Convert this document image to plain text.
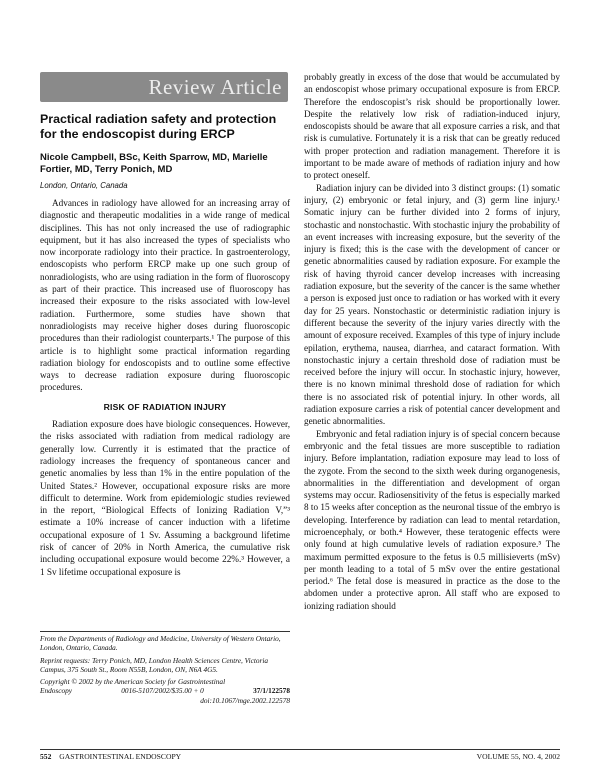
Review Article
Practical radiation safety and protection for the endoscopist during ERCP
Nicole Campbell, BSc, Keith Sparrow, MD, Marielle Fortier, MD, Terry Ponich, MD
London, Ontario, Canada

Advances in radiology have allowed for an increasing array of diagnostic and therapeutic modalities in a wide range of medical disciplines. This has not only increased the use of radiographic equipment, but it has also increased the types of specialists who now incorporate radiology into their practice. In gastroenterology, endoscopists who perform ERCP make up one such group of nonradiologists, who are using radiation in the form of fluoroscopy as part of their practice. This increased use of fluoroscopy has increased their exposure to the risks associated with low-level radiation. Furthermore, some studies have shown that nonradiologists may receive higher doses during fluoroscopic procedures than their radiologist counterparts.¹ The purpose of this article is to highlight some practical information regarding radiation biology for endoscopists and to outline some effective ways to decrease radiation exposure during fluoroscopic procedures.

RISK OF RADIATION INJURY

Radiation exposure does have biologic consequences. However, the risks associated with radiation from medical radiology are generally low. Currently it is estimated that the practice of radiology increases the frequency of spontaneous cancer and genetic anomalies by less than 1% in the entire population of the United States.² However, occupational exposure risks are more difficult to determine. Work from epidemiologic studies reviewed in the report, “Biological Effects of Ionizing Radiation V,”³ estimate a 10% increase of cancer induction with a lifetime occupational exposure of 1 Sv. Assuming a background lifetime risk of cancer of 20% in North America, the cumulative risk including occupational exposure would become 22%.³ However, a 1 Sv lifetime occupational exposure is

probably greatly in excess of the dose that would be accumulated by an endoscopist whose primary occupational exposure is from ERCP. Therefore the endoscopist’s risk should be proportionally lower. Despite the relatively low risk of radiation-induced injury, endoscopists should be aware that all exposure carries a risk, and that risk is cumulative. Fortunately it is a risk that can be greatly reduced with proper protection and radiation management. Therefore it is important to be made aware of methods of radiation injury and how to protect oneself.

Radiation injury can be divided into 3 distinct groups: (1) somatic injury, (2) embryonic or fetal injury, and (3) germ line injury.¹ Somatic injury can be further divided into 2 forms of injury, stochastic and nonstochastic. With stochastic injury the probability of an event increases with increasing exposure, but the severity of the injury is fixed; this is the case with the development of cancer or genetic abnormalities caused by radiation exposure. For example the risk of having thyroid cancer develop increases with increasing radiation exposure, but the severity of the cancer is the same whether a person is exposed just once to radiation or has worked with it every day for 25 years. Nonstochastic or deterministic radiation injury is different because the severity of the injury varies directly with the amount of exposure received. Examples of this type of injury include epilation, erythema, nausea, diarrhea, and cataract formation. With nonstochastic injury a certain threshold dose of radiation must be received before the injury will occur. In stochastic injury, however, there is no known minimal threshold dose of radiation for which there is no associated risk of potential injury. In other words, all radiation exposure carries a risk of potential cancer development and genetic abnormalities.

Embryonic and fetal radiation injury is of special concern because embryonic and the fetal tissues are more susceptible to radiation injury. Before implantation, radiation exposure may lead to loss of the zygote. From the second to the sixth week during organogenesis, abnormalities in the differentiation and development of organ systems may occur. Radiosensitivity of the fetus is especially marked 8 to 15 weeks after conception as the neuronal tissue of the embryo is developing. Interference by radiation can lead to mental retardation, microencephaly, or both.⁴ However, these teratogenic effects were only found at high cumulative levels of radiation exposure.⁵ The maximum permitted exposure to the fetus is 0.5 millisieverts (mSv) per month leading to a total of 5 mSv over the entire gestational period.⁶ The fetal dose is measured in practice as the dose to the abdomen under a protective apron. All staff who are exposed to ionizing radiation should

From the Departments of Radiology and Medicine, University of Western Ontario, London, Ontario, Canada.
Reprint requests: Terry Ponich, MD, London Health Sciences Centre, Victoria Campus, 375 South St., Room N55B, London, ON, N6A 4G5.
Copyright © 2002 by the American Society for Gastrointestinal
Endoscopy	0016-5107/2002/$35.00 + 0	37/1/122578
doi:10.1067/mge.2002.122578
552 GASTROINTESTINAL ENDOSCOPY	VOLUME 55, NO. 4, 2002
